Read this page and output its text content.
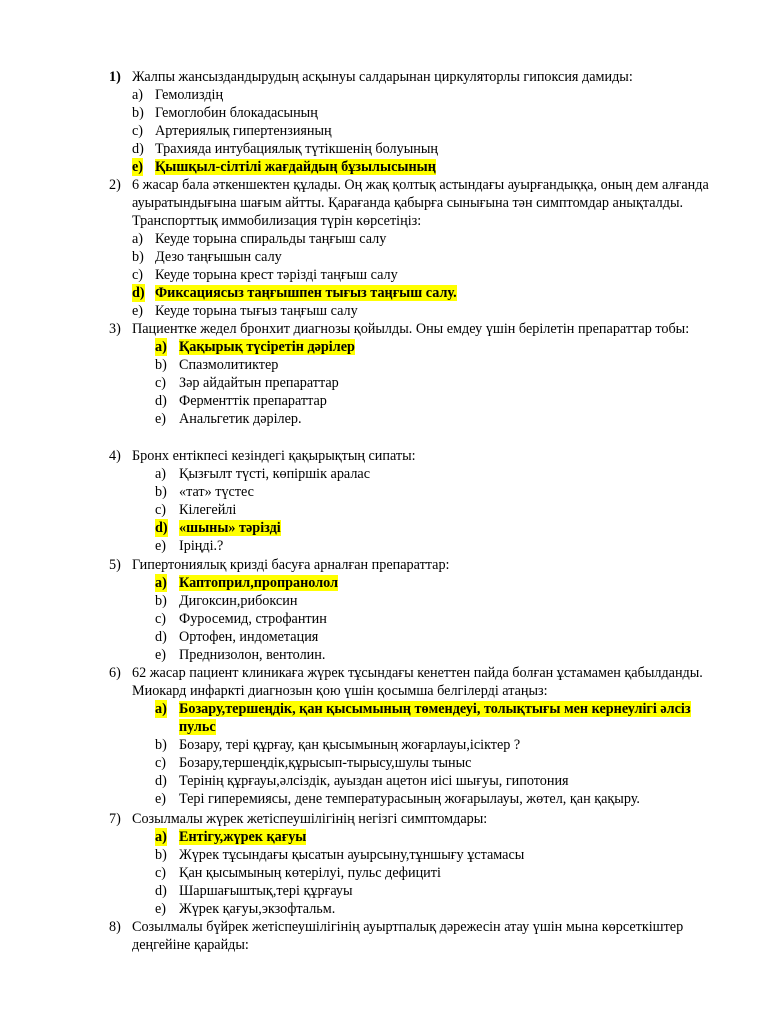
1) Жалпы жансыздандырудың асқынуы салдарынан циркуляторлы гипоксия дамиды:
a) Гемолиздің
b) Гемоглобин блокадасының
c) Артериялық гипертензияның
d) Трахияда интубациялық түтікшенің болуының
e) Қышқыл-сілтілі жағдайдың бұзылысының
2) 6 жасар бала әткеншектен құлады. Оң жақ қолтық астындағы ауырғандыққа, оның дем алғанда ауыратындығына шағым айтты. Қарағанда қабырға сынығына тән симптомдар анықталды. Транспорттық иммобилизация түрін көрсетіңіз:
a) Кеуде торына спиральды таңғыш салу
b) Дезо таңғышын салу
c) Кеуде торына крест тәрізді таңғыш салу
d) Фиксациясыз таңғышпен тығыз таңғыш салу.
e) Кеуде торына тығыз таңғыш салу
3) Пациентке жедел бронхит диагнозы қойылды. Оны емдеу үшін берілетін препараттар тобы:
a) Қақырық түсіретін дәрілер
b) Спазмолитиктер
c) Зәр айдайтын препараттар
d) Ферменттік препараттар
e) Анальгетик дәрілер.
4) Бронх ентікпесі кезіндегі қақырықтың сипаты:
a) Қызғылт түсті, көпіршік аралас
b) «тат» түстес
c) Кілегейлі
d) «шыны» тәрізді
e) Іріңді.?
5) Гипертониялық кризді басуға арналған препараттар:
a) Каптоприл,пропранолол
b) Дигоксин,рибоксин
c) Фуросемид, строфантин
d) Ортофен, индометация
e) Преднизолон, вентолин.
6) 62 жасар пациент клиникаға жүрек тұсындағы кенеттен пайда болған ұстамамен қабылданды. Миокард инфаркті диагнозын қою үшін қосымша белгілерді атаңыз:
a) Бозару,тершеңдік, қан қысымының төмендеуі, толықтығы мен кернеулігі әлсіз пульс
b) Бозару, тері құрғау, қан қысымының жоғарлауы,ісіктер ?
c) Бозару,тершеңдік,құрысып-тырысу,шулы тыныс
d) Терінің құрғауы,әлсіздік, ауыздан ацетон иісі шығуы, гипотония
e) Тері гиперемиясы, дене температурасының жоғарылауы, жөтел, қан қақыру.
7) Созылмалы жүрек жетіспеушілігінің негізгі симптомдары:
a) Ентігу,жүрек қағуы
b) Жүрек тұсындағы қысатын ауырсыну,тұншығу ұстамасы
c) Қан қысымының көтерілуі, пульс дефициті
d) Шаршағыштық,тері құрғауы
e) Жүрек қағуы,экзофтальм.
8) Созылмалы бүйрек жетіспеушілігінің ауыртпалық дәрежесін атау үшін мына көрсеткіштер деңгейіне қарайды:
